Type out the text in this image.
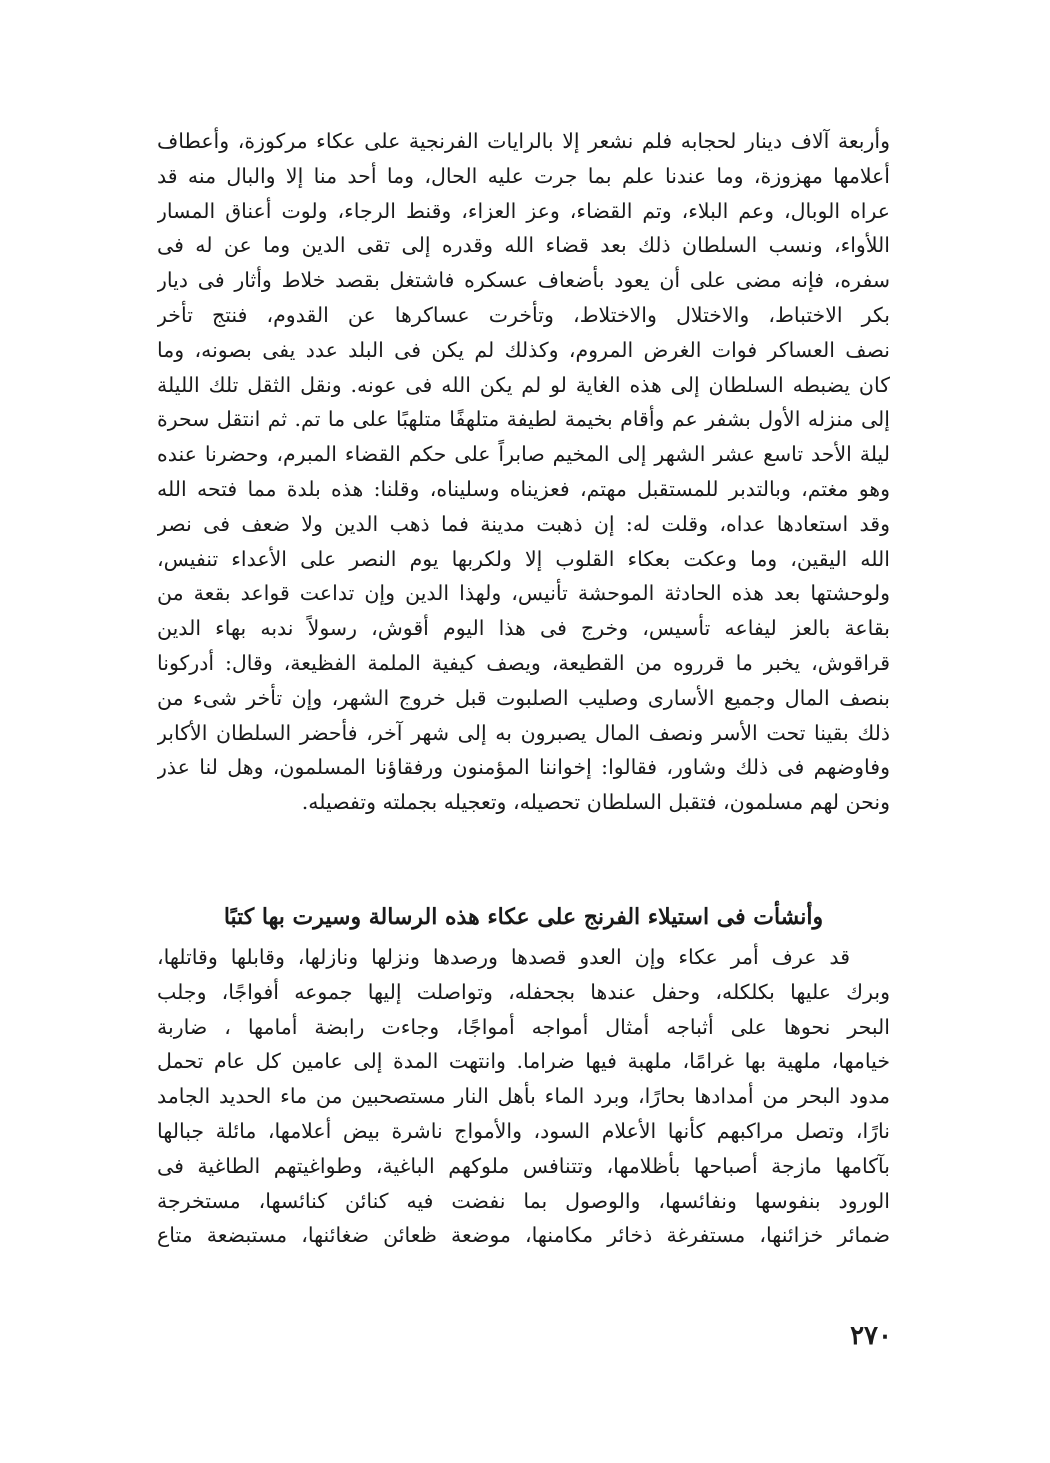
وأربعة آلاف دينار لحجابه فلم نشعر إلا بالرايات الفرنجية على عكاء مركوزة، وأعطاف
أعلامها مهزوزة، وما عندنا علم بما جرت عليه الحال، وما أحد منا إلا والبال منه قد
عراه الوبال، وعم البلاء، وتم القضاء، وعز العزاء، وقنط الرجاء، ولوت أعناق المسار
اللأواء، ونسب السلطان ذلك بعد قضاء الله وقدره إلى تقى الدين وما عن له فى
سفره، فإنه مضى على أن يعود بأضعاف عسكره فاشتغل بقصد خلاط وأثار فى ديار
بكر الاختباط، والاختلال والاختلاط، وتأخرت عساكرها عن القدوم، فنتج تأخر
نصف العساكر فوات الغرض المروم، وكذلك لم يكن فى البلد عدد يفى بصونه، وما
كان يضبطه السلطان إلى هذه الغاية لو لم يكن الله فى عونه. ونقل الثقل تلك الليلة
إلى منزله الأول بشفر عم وأقام بخيمة لطيفة متلهفًا متلهبًا على ما تم. ثم انتقل سحرة
ليلة الأحد تاسع عشر الشهر إلى المخيم صابراً على حكم القضاء المبرم، وحضرنا عنده
وهو مغتم، وبالتدبر للمستقبل مهتم، فعزيناه وسليناه، وقلنا: هذه بلدة مما فتحه الله
وقد استعادها عداه، وقلت له: إن ذهبت مدينة فما ذهب الدين ولا ضعف فى نصر
الله اليقين، وما وعكت بعكاء القلوب إلا ولكربها يوم النصر على الأعداء تنفيس،
ولوحشتها بعد هذه الحادثة الموحشة تأنيس، ولهذا الدين وإن تداعت قواعد بقعة من
بقاعة بالعز ليفاعه تأسيس، وخرج فى هذا اليوم أقوش، رسولاً ندبه بهاء الدين
قراقوش، يخبر ما قرروه من القطيعة، ويصف كيفية الملمة الفظيعة، وقال: أدركونا
بنصف المال وجميع الأسارى وصليب الصلبوت قبل خروج الشهر، وإن تأخر شىء من
ذلك بقينا تحت الأسر ونصف المال يصبرون به إلى شهر آخر، فأحضر السلطان الأكابر
وفاوضهم فى ذلك وشاور، فقالوا: إخواننا المؤمنون ورفقاؤنا المسلمون، وهل لنا عذر
ونحن لهم مسلمون، فتقبل السلطان تحصيله، وتعجيله بجملته وتفصيله.
وأنشأت فى استيلاء الفرنج على عكاء هذه الرسالة وسيرت بها كتبًا
قد عرف أمر عكاء وإن العدو قصدها ورصدها ونزلها ونازلها، وقابلها وقاتلها،
وبرك عليها بكلكله، وحفل عندها بجحفله، وتواصلت إليها جموعه أفواجًا، وجلب
البحر نحوها على أثباجه أمثال أمواجه أمواجًا، وجاءت رابضة أمامها ، ضاربة
خيامها، ملهية بها غرامًا، ملهبة فيها ضراما. وانتهت المدة إلى عامين كل عام تحمل
مدود البحر من أمدادها بحارًا، وبرد الماء بأهل النار مستصحبين من ماء الحديد الجامد
نارًا، وتصل مراكبهم كأنها الأعلام السود، والأمواج ناشرة بيض أعلامها، مائلة جبالها
بآكامها مازجة أصباحها بأظلامها، وتتنافس ملوكهم الباغية، وطواغيتهم الطاغية فى
الورود بنفوسها ونفائسها، والوصول بما نفضت فيه كنائن كنائسها، مستخرجة
ضمائر خزائنها، مستفرغة ذخائر مكامنها، موضعة ظعائن ضغائنها، مستبضعة متاع
٢٧٠
